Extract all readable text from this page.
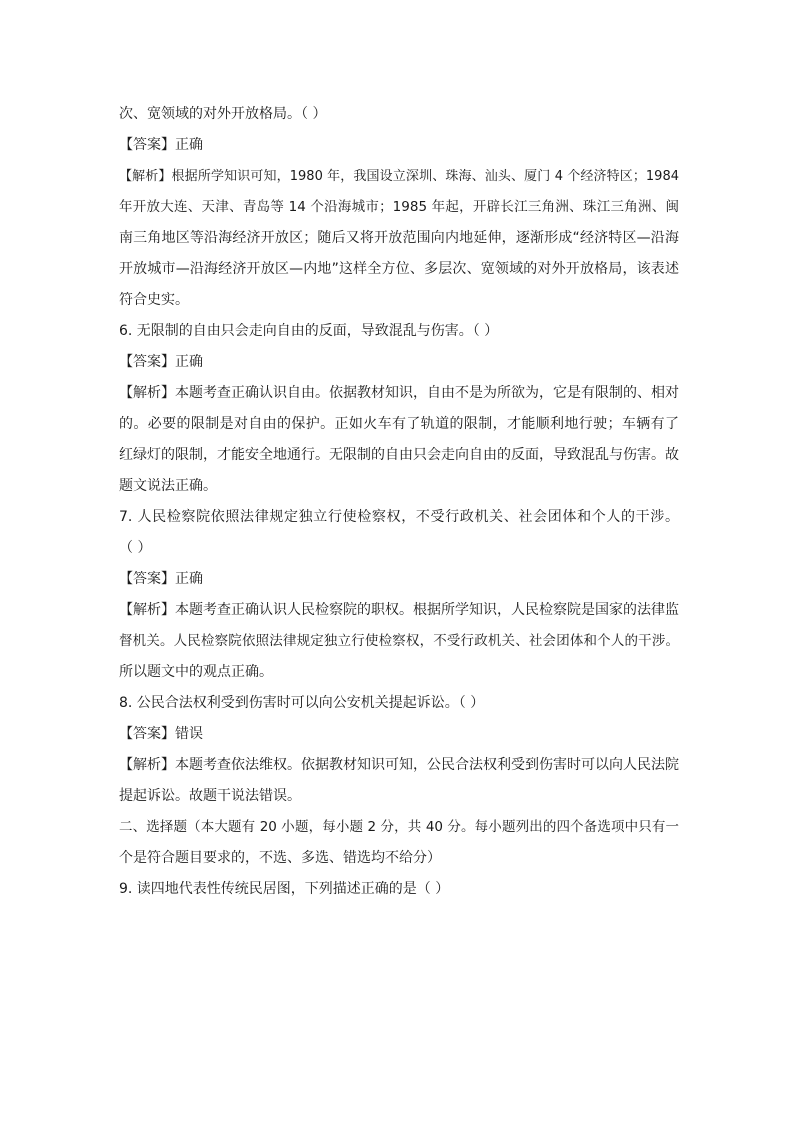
次、宽领域的对外开放格局。（ ）
【答案】正确
【解析】根据所学知识可知，1980 年，我国设立深圳、珠海、汕头、厦门 4 个经济特区；1984
年开放大连、天津、青岛等 14 个沿海城市；1985 年起，开辟长江三角洲、珠江三角洲、闽
南三角地区等沿海经济开放区；随后又将开放范围向内地延伸，逐渐形成“经济特区—沿海
开放城市—沿海经济开放区—内地”这样全方位、多层次、宽领域的对外开放格局，该表述
符合史实。
6. 无限制的自由只会走向自由的反面，导致混乱与伤害。（ ）
【答案】正确
【解析】本题考查正确认识自由。依据教材知识，自由不是为所欲为，它是有限制的、相对
的。必要的限制是对自由的保护。正如火车有了轨道的限制，才能顺利地行驶；车辆有了
红绿灯的限制，才能安全地通行。无限制的自由只会走向自由的反面，导致混乱与伤害。故
题文说法正确。
7. 人民检察院依照法律规定独立行使检察权，不受行政机关、社会团体和个人的干涉。
（ ）
【答案】正确
【解析】本题考查正确认识人民检察院的职权。根据所学知识，人民检察院是国家的法律监
督机关。人民检察院依照法律规定独立行使检察权，不受行政机关、社会团体和个人的干涉。
所以题文中的观点正确。
8. 公民合法权利受到伤害时可以向公安机关提起诉讼。（ ）
【答案】错误
【解析】本题考查依法维权。依据教材知识可知，公民合法权利受到伤害时可以向人民法院
提起诉讼。故题干说法错误。
二、选择题（本大题有 20 小题，每小题 2 分，共 40 分。每小题列出的四个备选项中只有一
个是符合题目要求的，不选、多选、错选均不给分）
9. 读四地代表性传统民居图，下列描述正确的是（ ）
